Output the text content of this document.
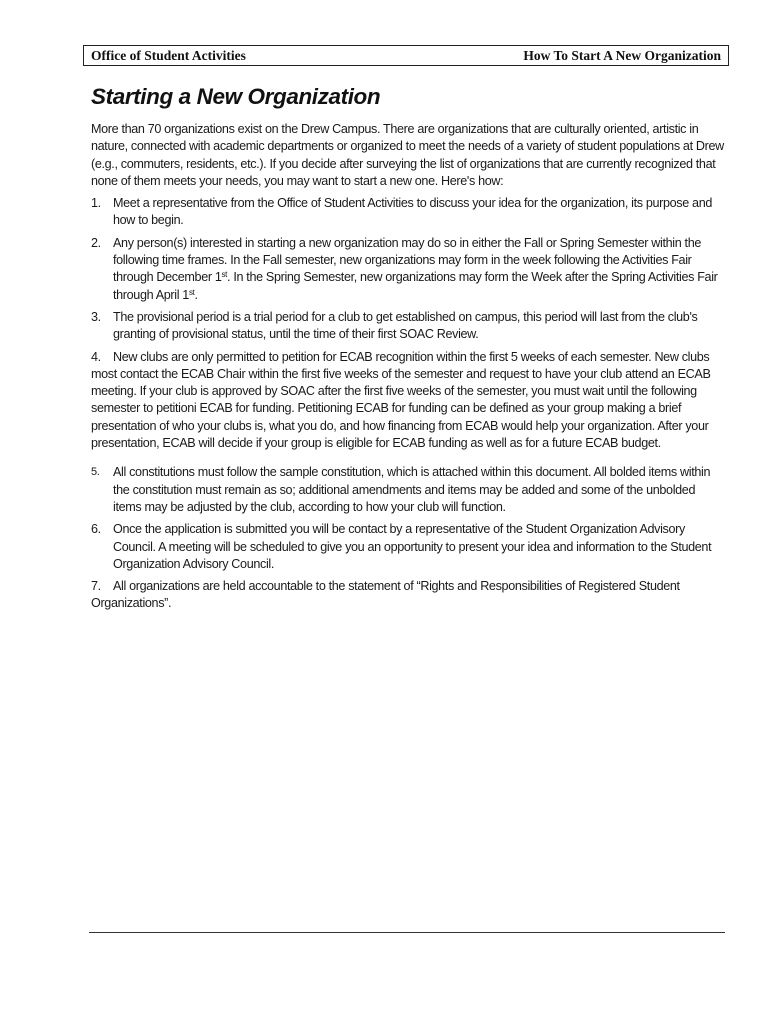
Office of Student Activities	How To Start A New Organization
Starting a New Organization

More than 70 organizations exist on the Drew Campus. There are organizations that are culturally oriented, artistic in nature, connected with academic departments or organized to meet the needs of a variety of student populations at Drew (e.g., commuters, residents, etc.). If you decide after surveying the list of organizations that are currently recognized that none of them meets your needs, you may want to start a new one. Here's how:

1. Meet a representative from the Office of Student Activities to discuss your idea for the organization, its purpose and how to begin.
2. Any person(s) interested in starting a new organization may do so in either the Fall or Spring Semester within the following time frames. In the Fall semester, new organizations may form in the week following the Activities Fair through December 1st. In the Spring Semester, new organizations may form the Week after the Spring Activities Fair through April 1st.
3. The provisional period is a trial period for a club to get established on campus, this period will last from the club's granting of provisional status, until the time of their first SOAC Review.

4. New clubs are only permitted to petition for ECAB recognition within the first 5 weeks of each semester. New clubs most contact the ECAB Chair within the first five weeks of the semester and request to have your club attend an ECAB meeting. If your club is approved by SOAC after the first five weeks of the semester, you must wait until the following semester to petitioni ECAB for funding. Petitioning ECAB for funding can be defined as your group making a brief presentation of who your clubs is, what you do, and how financing from ECAB would help your organization. After your presentation, ECAB will decide if your group is eligible for ECAB funding as well as for a future ECAB budget.

5.	All constitutions must follow the sample constitution, which is attached within this document. All bolded items within the constitution must remain as so; additional amendments and items may be added and some of the unbolded items may be adjusted by the club, according to how your club will function.
6. Once the application is submitted you will be contact by a representative of the Student Organization Advisory Council. A meeting will be scheduled to give you an opportunity to present your idea and information to the Student Organization Advisory Council.

7. All organizations are held accountable to the statement of “Rights and Responsibilities of Registered Student Organizations”.
